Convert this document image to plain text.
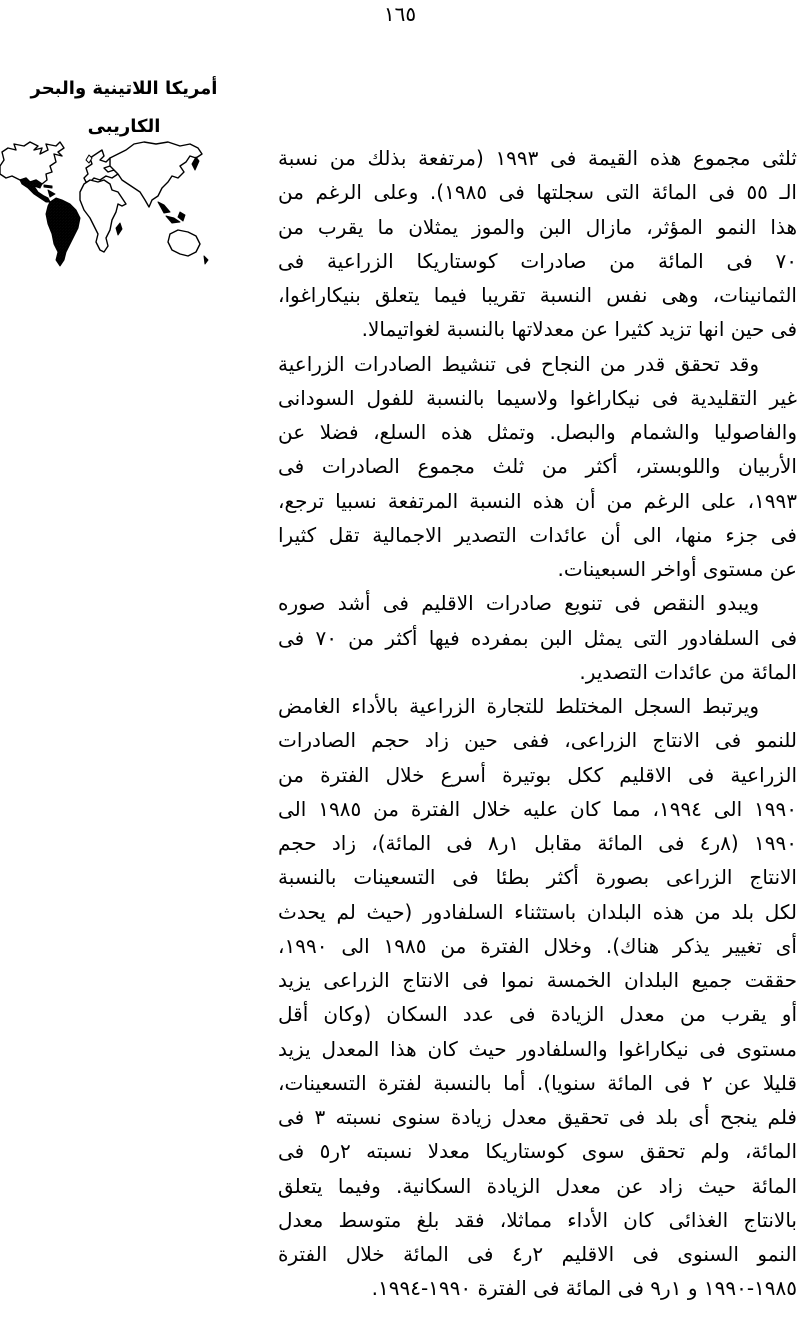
١٦٥
أمريكا اللاتينية والبحر
الكاريبى
ثلثى مجموع هذه القيمة فى ١٩٩٣ (مرتفعة بذلك من نسبة
الـ ٥٥ فى المائة التى سجلتها فى ١٩٨٥). وعلى الرغم من
هذا النمو المؤثر، مازال البن والموز يمثلان ما يقرب من
٧٠ فى المائة من صادرات كوستاريكا الزراعية فى
الثمانينات، وهى نفس النسبة تقريبا فيما يتعلق بنيكاراغوا،
فى حين انها تزيد كثيرا عن معدلاتها بالنسبة لغواتيمالا.
وقد تحقق قدر من النجاح فى تنشيط الصادرات الزراعية
غير التقليدية فى نيكاراغوا ولاسيما بالنسبة للفول السودانى
والفاصوليا والشمام والبصل. وتمثل هذه السلع، فضلا عن
الأربيان واللوبستر، أكثر من ثلث مجموع الصادرات فى
١٩٩٣، على الرغم من أن هذه النسبة المرتفعة نسبيا ترجع،
فى جزء منها، الى أن عائدات التصدير الاجمالية تقل كثيرا
عن مستوى أواخر السبعينات.
ويبدو النقص فى تنويع صادرات الاقليم فى أشد صوره
فى السلفادور التى يمثل البن بمفرده فيها أكثر من ٧٠ فى
المائة من عائدات التصدير.
ويرتبط السجل المختلط للتجارة الزراعية بالأداء الغامض
للنمو فى الانتاج الزراعى، ففى حين زاد حجم الصادرات
الزراعية فى الاقليم ككل بوتيرة أسرع خلال الفترة من
١٩٩٠ الى ١٩٩٤، مما كان عليه خلال الفترة من ١٩٨٥ الى
١٩٩٠ (٨ر٤ فى المائة مقابل ١ر٨ فى المائة)، زاد حجم
الانتاج الزراعى بصورة أكثر بطئا فى التسعينات بالنسبة
لكل بلد من هذه البلدان باستثناء السلفادور (حيث لم يحدث
أى تغيير يذكر هناك). وخلال الفترة من ١٩٨٥ الى ١٩٩٠،
حققت جميع البلدان الخمسة نموا فى الانتاج الزراعى يزيد
أو يقرب من معدل الزيادة فى عدد السكان (وكان أقل
مستوى فى نيكاراغوا والسلفادور حيث كان هذا المعدل يزيد
قليلا عن ٢ فى المائة سنويا). أما بالنسبة لفترة التسعينات،
فلم ينجح أى بلد فى تحقيق معدل زيادة سنوى نسبته ٣ فى
المائة، ولم تحقق سوى كوستاريكا معدلا نسبته ٢ر٥ فى
المائة حيث زاد عن معدل الزيادة السكانية. وفيما يتعلق
بالانتاج الغذائى كان الأداء مماثلا، فقد بلغ متوسط معدل
النمو السنوى فى الاقليم ٢ر٤ فى المائة خلال الفترة
١٩٨٥-١٩٩٠ و ١ر٩ فى المائة فى الفترة ١٩٩٠-١٩٩٤.
